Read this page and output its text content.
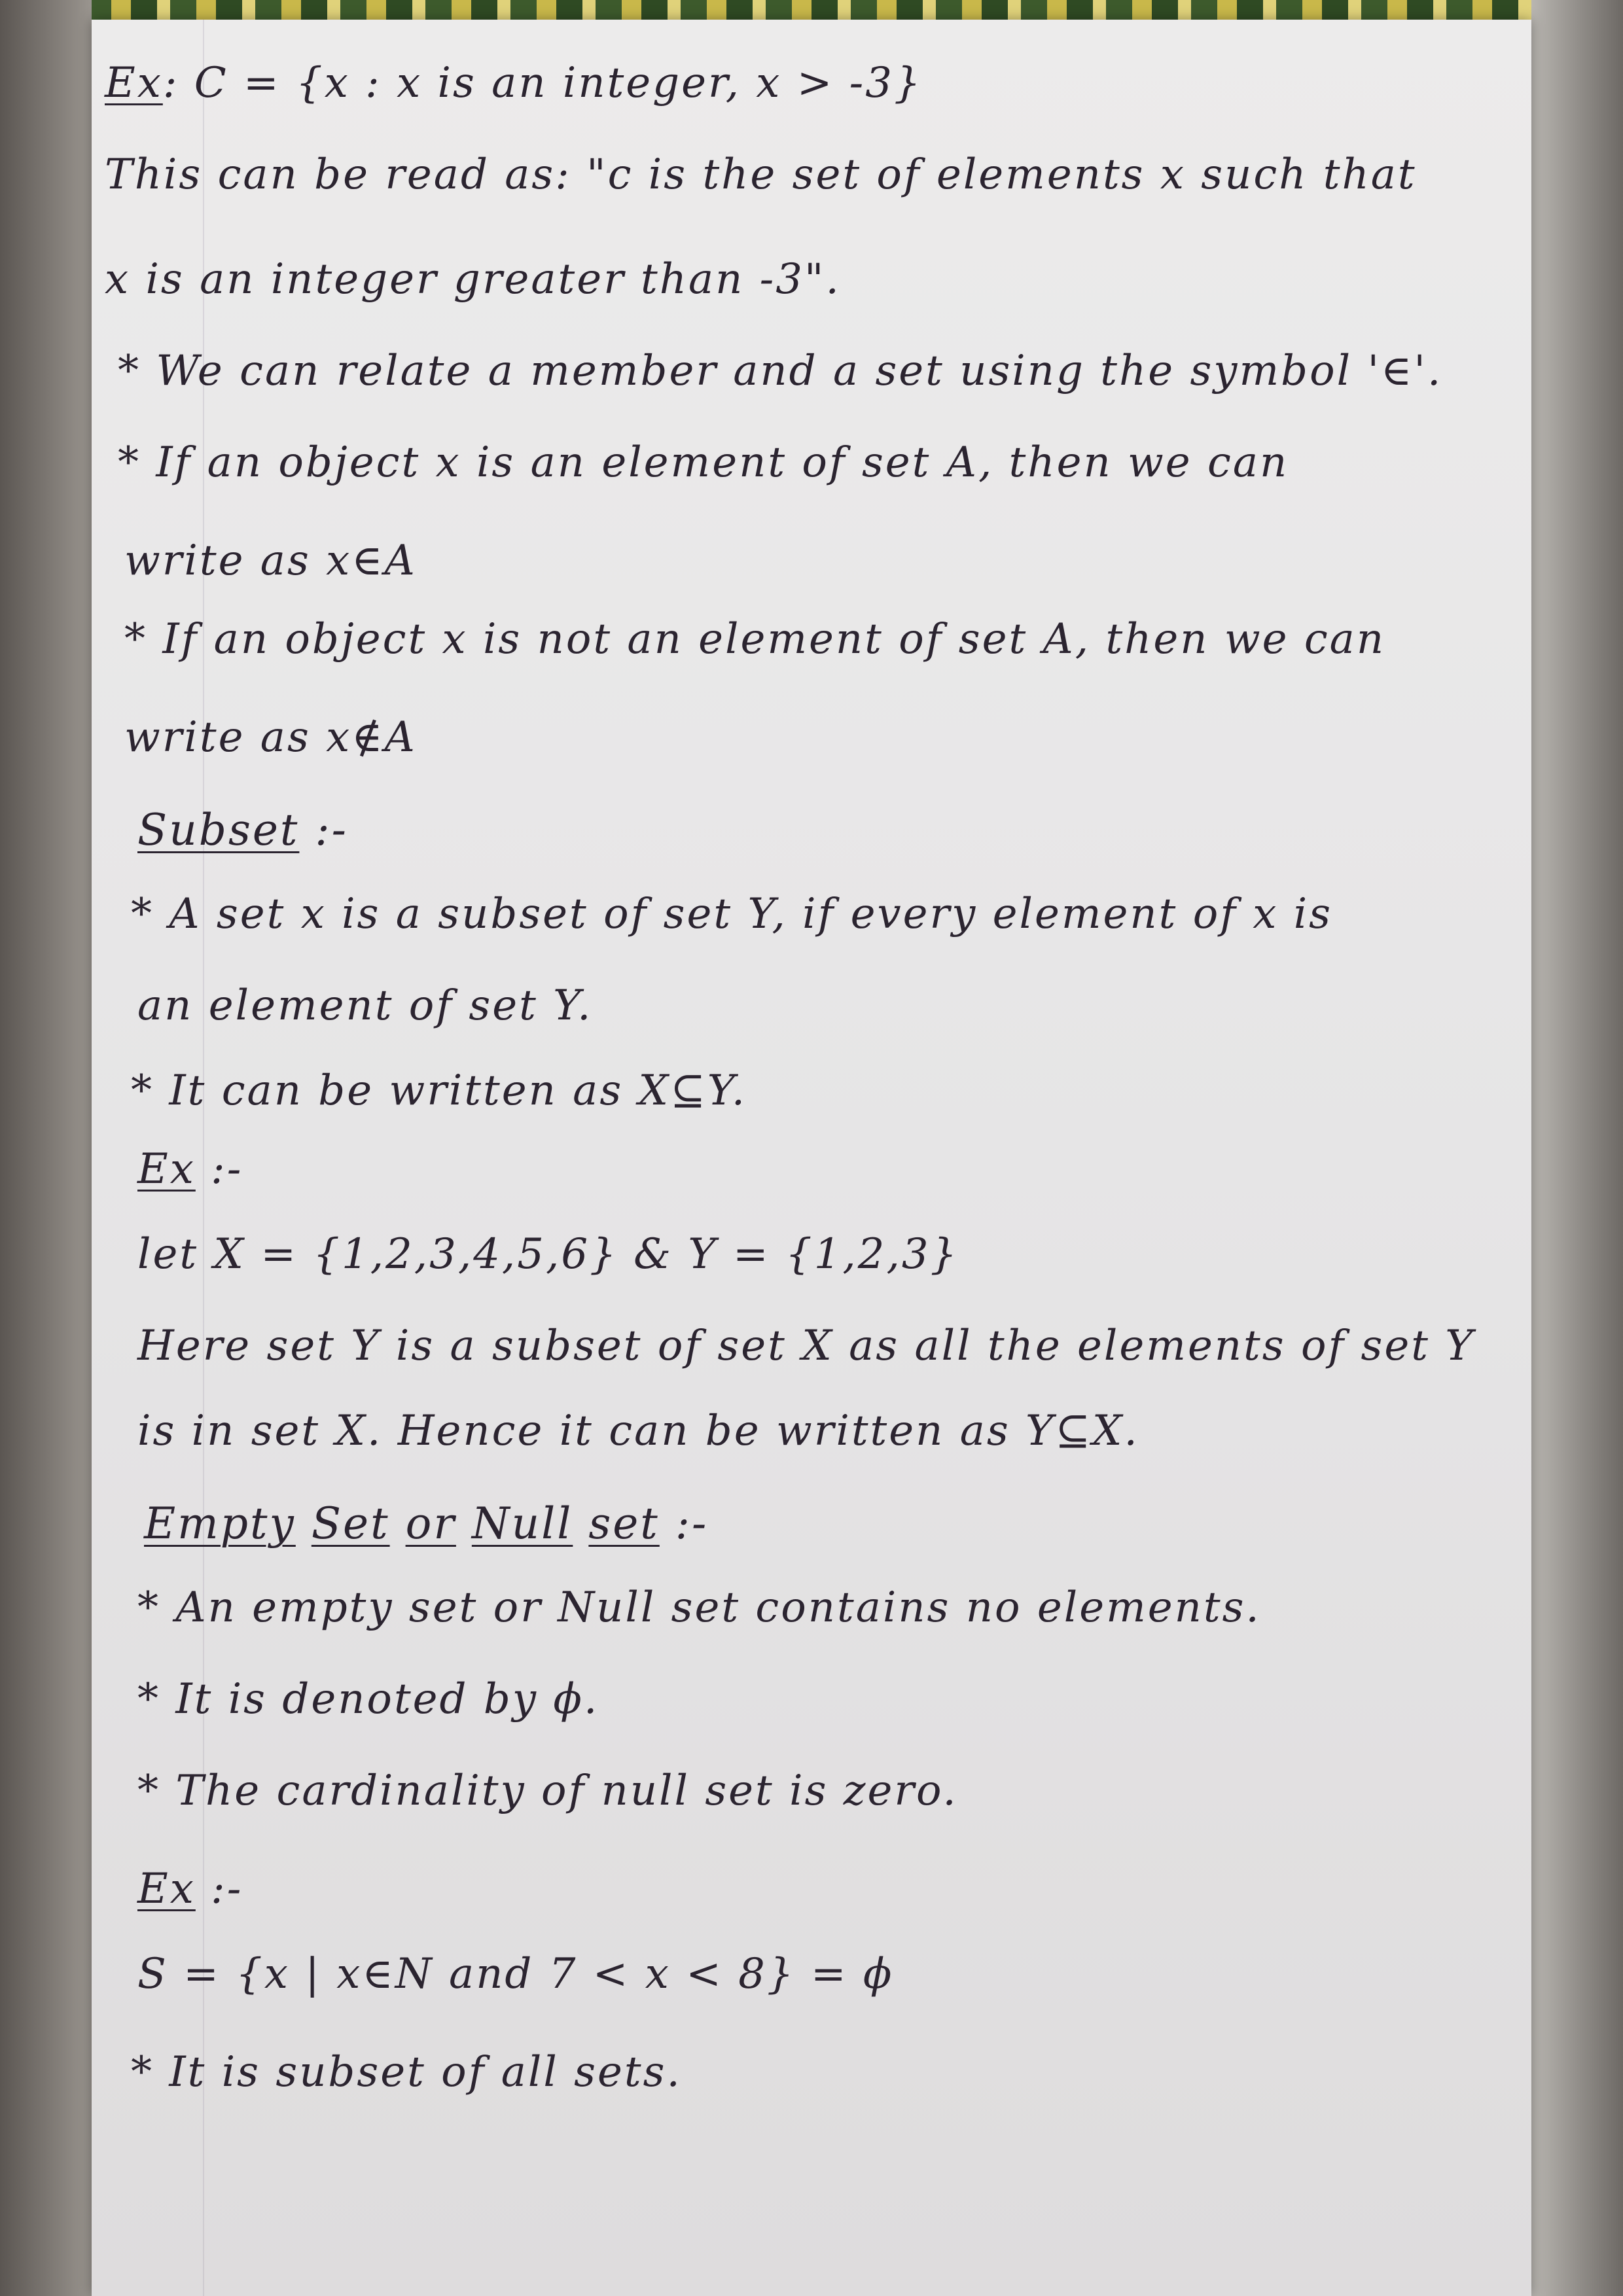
Ex: C = {x : x is an integer, x > -3}
This can be read as: "c is the set of elements x such that
x is an integer greater than -3".
* We can relate a member and a set using the symbol '∈'.
* If an object x is an element of set A, then we can
write as x∈A
* If an object x is not an element of set A, then we can
write as x∉A
Subset :-
* A set x is a subset of set Y, if every element of x is
an element of set Y.
* It can be written as X⊆Y.
Ex :-
let X = {1,2,3,4,5,6} & Y = {1,2,3}
Here set Y is a subset of set X as all the elements of set Y
is in set X. Hence it can be written as Y⊆X.
Empty Set or Null set :-
* An empty set or Null set contains no elements.
* It is denoted by ϕ.
* The cardinality of null set is zero.
Ex :-
S = {x | x∈N and 7 < x < 8} = ϕ
* It is subset of all sets.
